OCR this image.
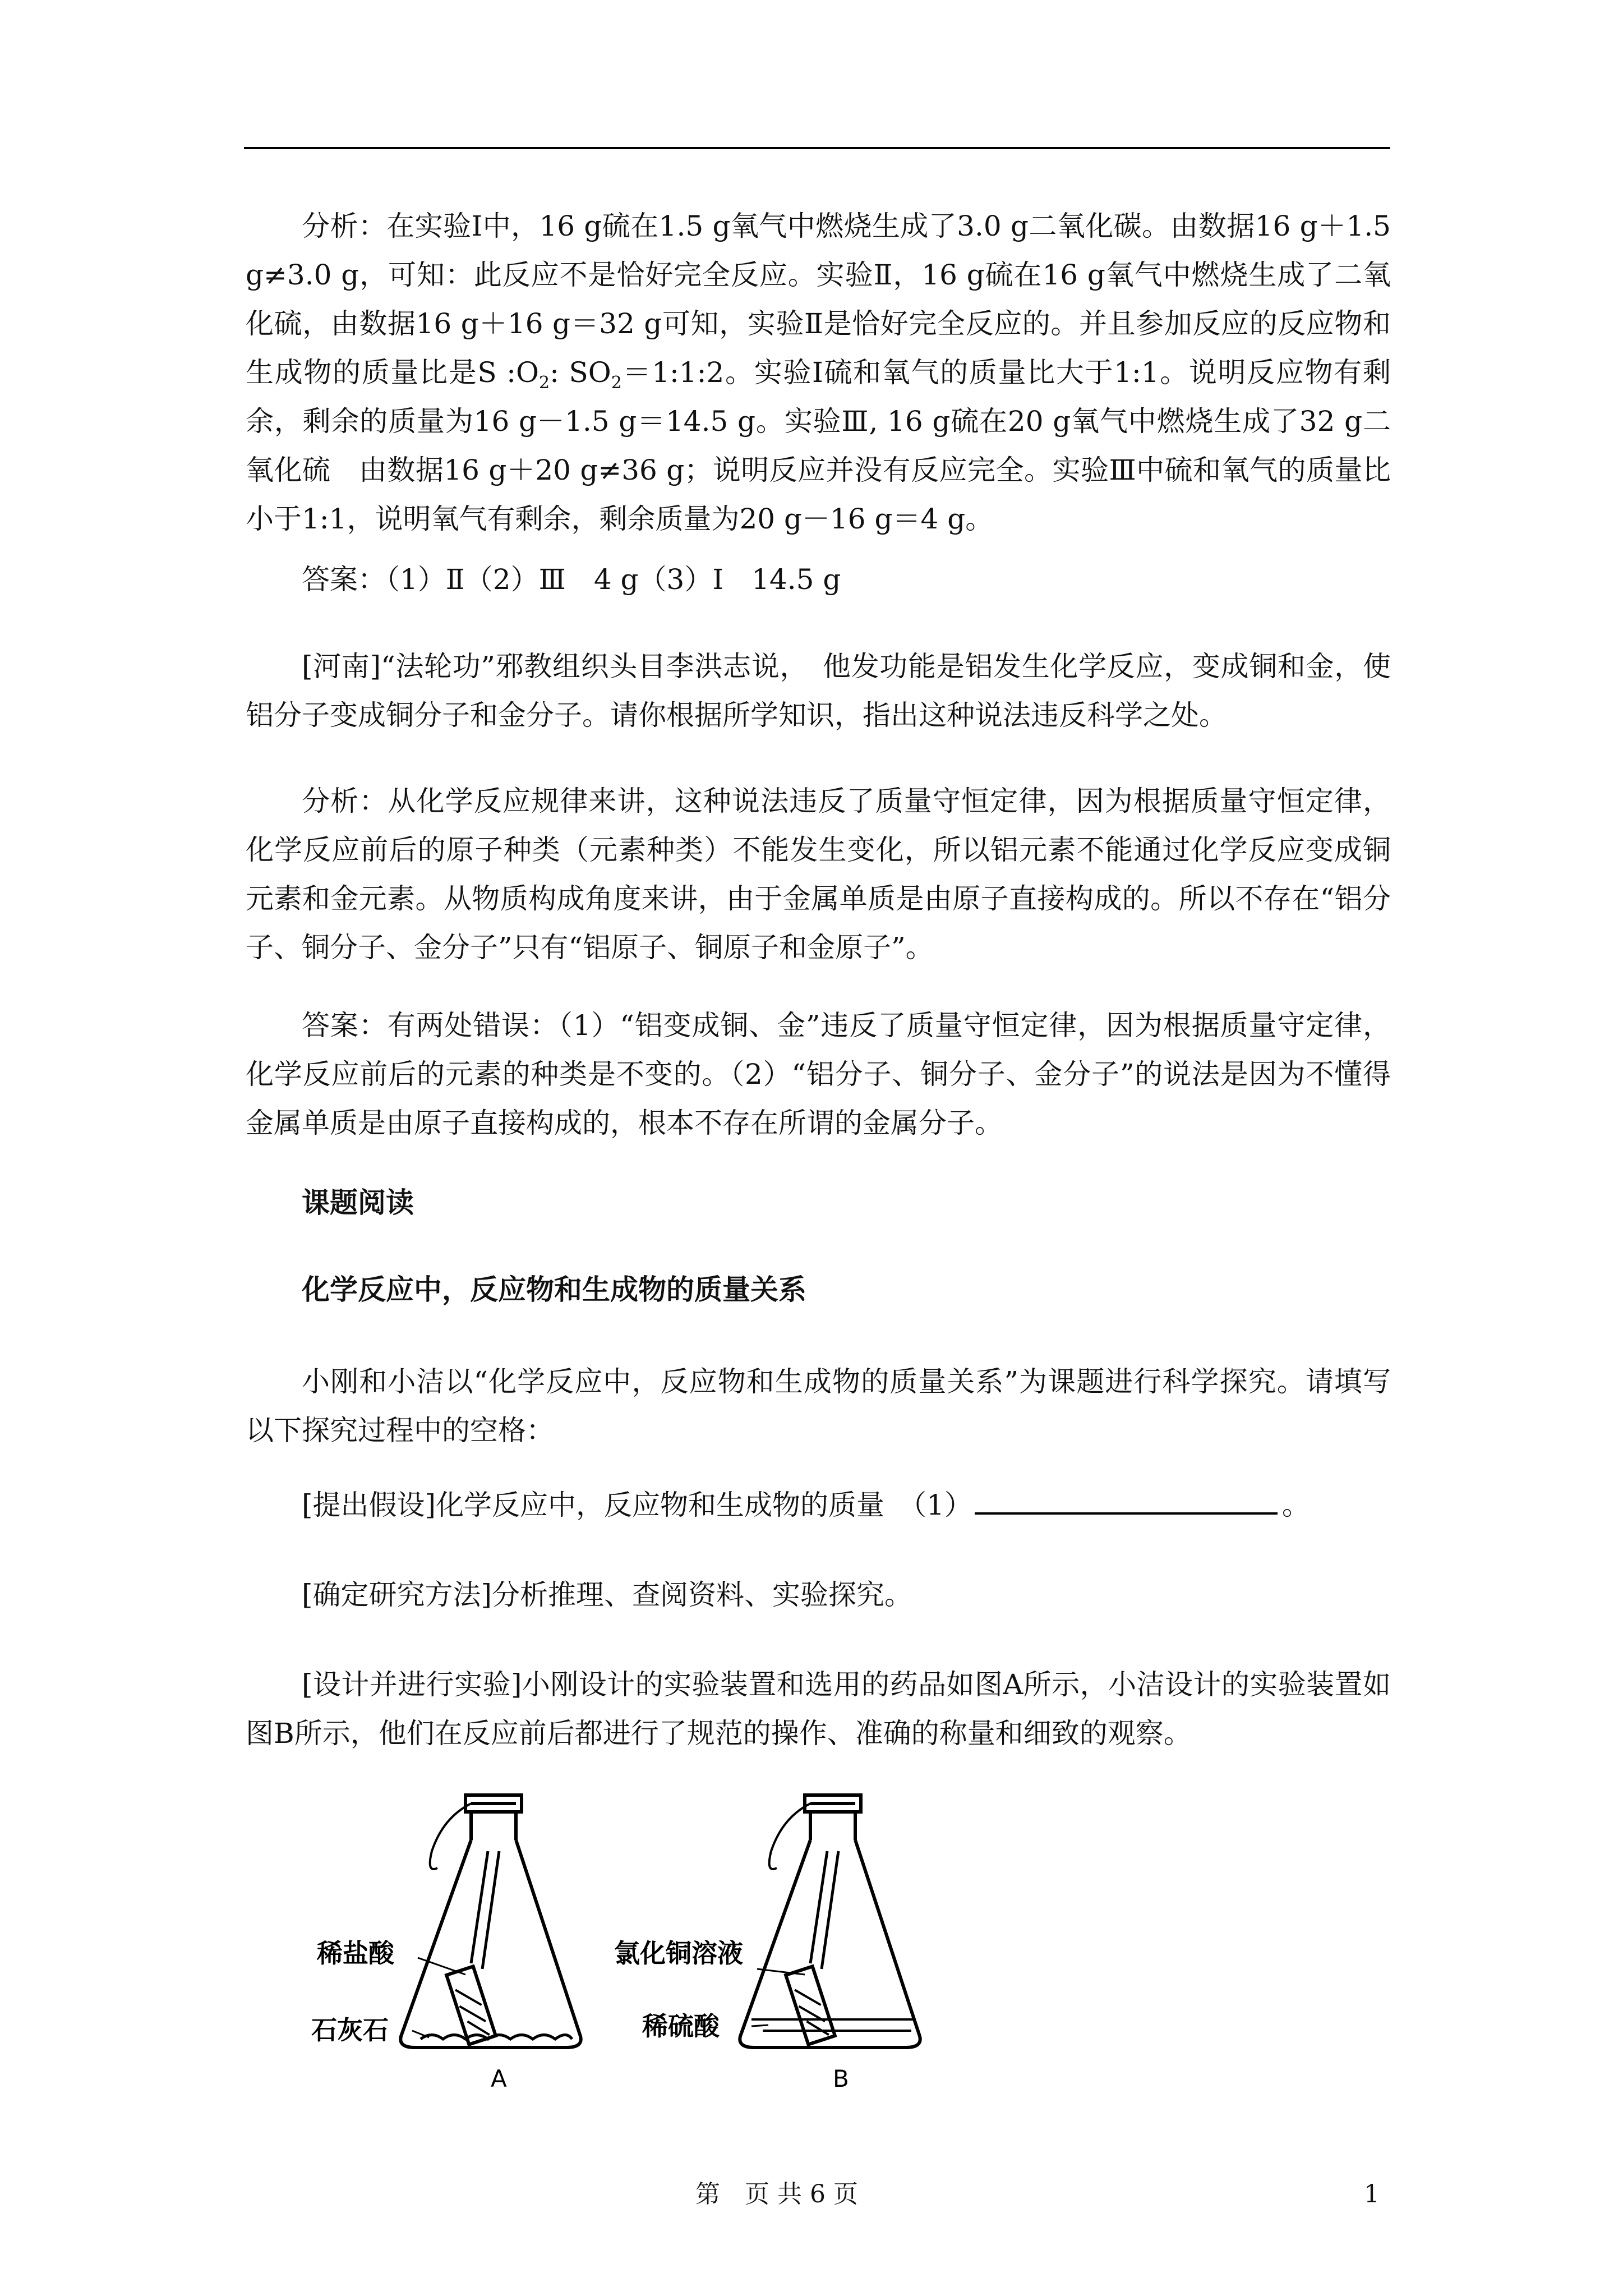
分析：在实验Ⅰ中，16 g硫在1.5 g氧气中燃烧生成了3.0 g二氧化碳。由数据16 g＋1.5 g≠3.0 g，可知：此反应不是恰好完全反应。实验Ⅱ，16 g硫在16 g氧气中燃烧生成了二氧化硫，由数据16 g＋16 g＝32 g可知，实验Ⅱ是恰好完全反应的。并且参加反应的反应物和生成物的质量比是S $:O_2$: $SO_2=1:1:2$。实验Ⅰ硫和氧气的质量比大于1:1。说明反应物有剩余，剩余的质量为16 g－1.5 g＝14.5 g。实验Ⅲ, 16 g硫在20 g氧气中燃烧生成了32 g二氧化硫　由数据16 g＋20 g≠36 g；说明反应并没有反应完全。实验Ⅲ中硫和氧气的质量比小于1:1，说明氧气有剩余，剩余质量为20 g－16 g＝4 g。

答案：（1）Ⅱ（2）Ⅲ　4 g（3）Ⅰ　14.5 g

[河南]“法轮功”邪教组织头目李洪志说，　他发功能是铝发生化学反应，变成铜和金，使铝分子变成铜分子和金分子。请你根据所学知识，指出这种说法违反科学之处。

分析：从化学反应规律来讲，这种说法违反了质量守恒定律，因为根据质量守恒定律，化学反应前后的原子种类（元素种类）不能发生变化，所以铝元素不能通过化学反应变成铜元素和金元素。从物质构成角度来讲，由于金属单质是由原子直接构成的。所以不存在“铝分子、铜分子、金分子”只有“铝原子、铜原子和金原子”。

答案：有两处错误：（1）“铝变成铜、金”违反了质量守恒定律，因为根据质量守定律，化学反应前后的元素的种类是不变的。（2）“铝分子、铜分子、金分子”的说法是因为不懂得金属单质是由原子直接构成的，根本不存在所谓的金属分子。

课题阅读

化学反应中，反应物和生成物的质量关系

小刚和小洁以“化学反应中，反应物和生成物的质量关系”为课题进行科学探究。请填写以下探究过程中的空格：

[提出假设]化学反应中，反应物和生成物的质量　（1）	。

[确定研究方法]分析推理、查阅资料、实验探究。

[设计并进行实验]小刚设计的实验装置和选用的药品如图A所示，小洁设计的实验装置如图B所示，他们在反应前后都进行了规范的操作、准确的称量和细致的观察。

稀盐酸
石灰石
A
氯化铜溶液
稀硫酸
B
第　页 共 6 页	1
